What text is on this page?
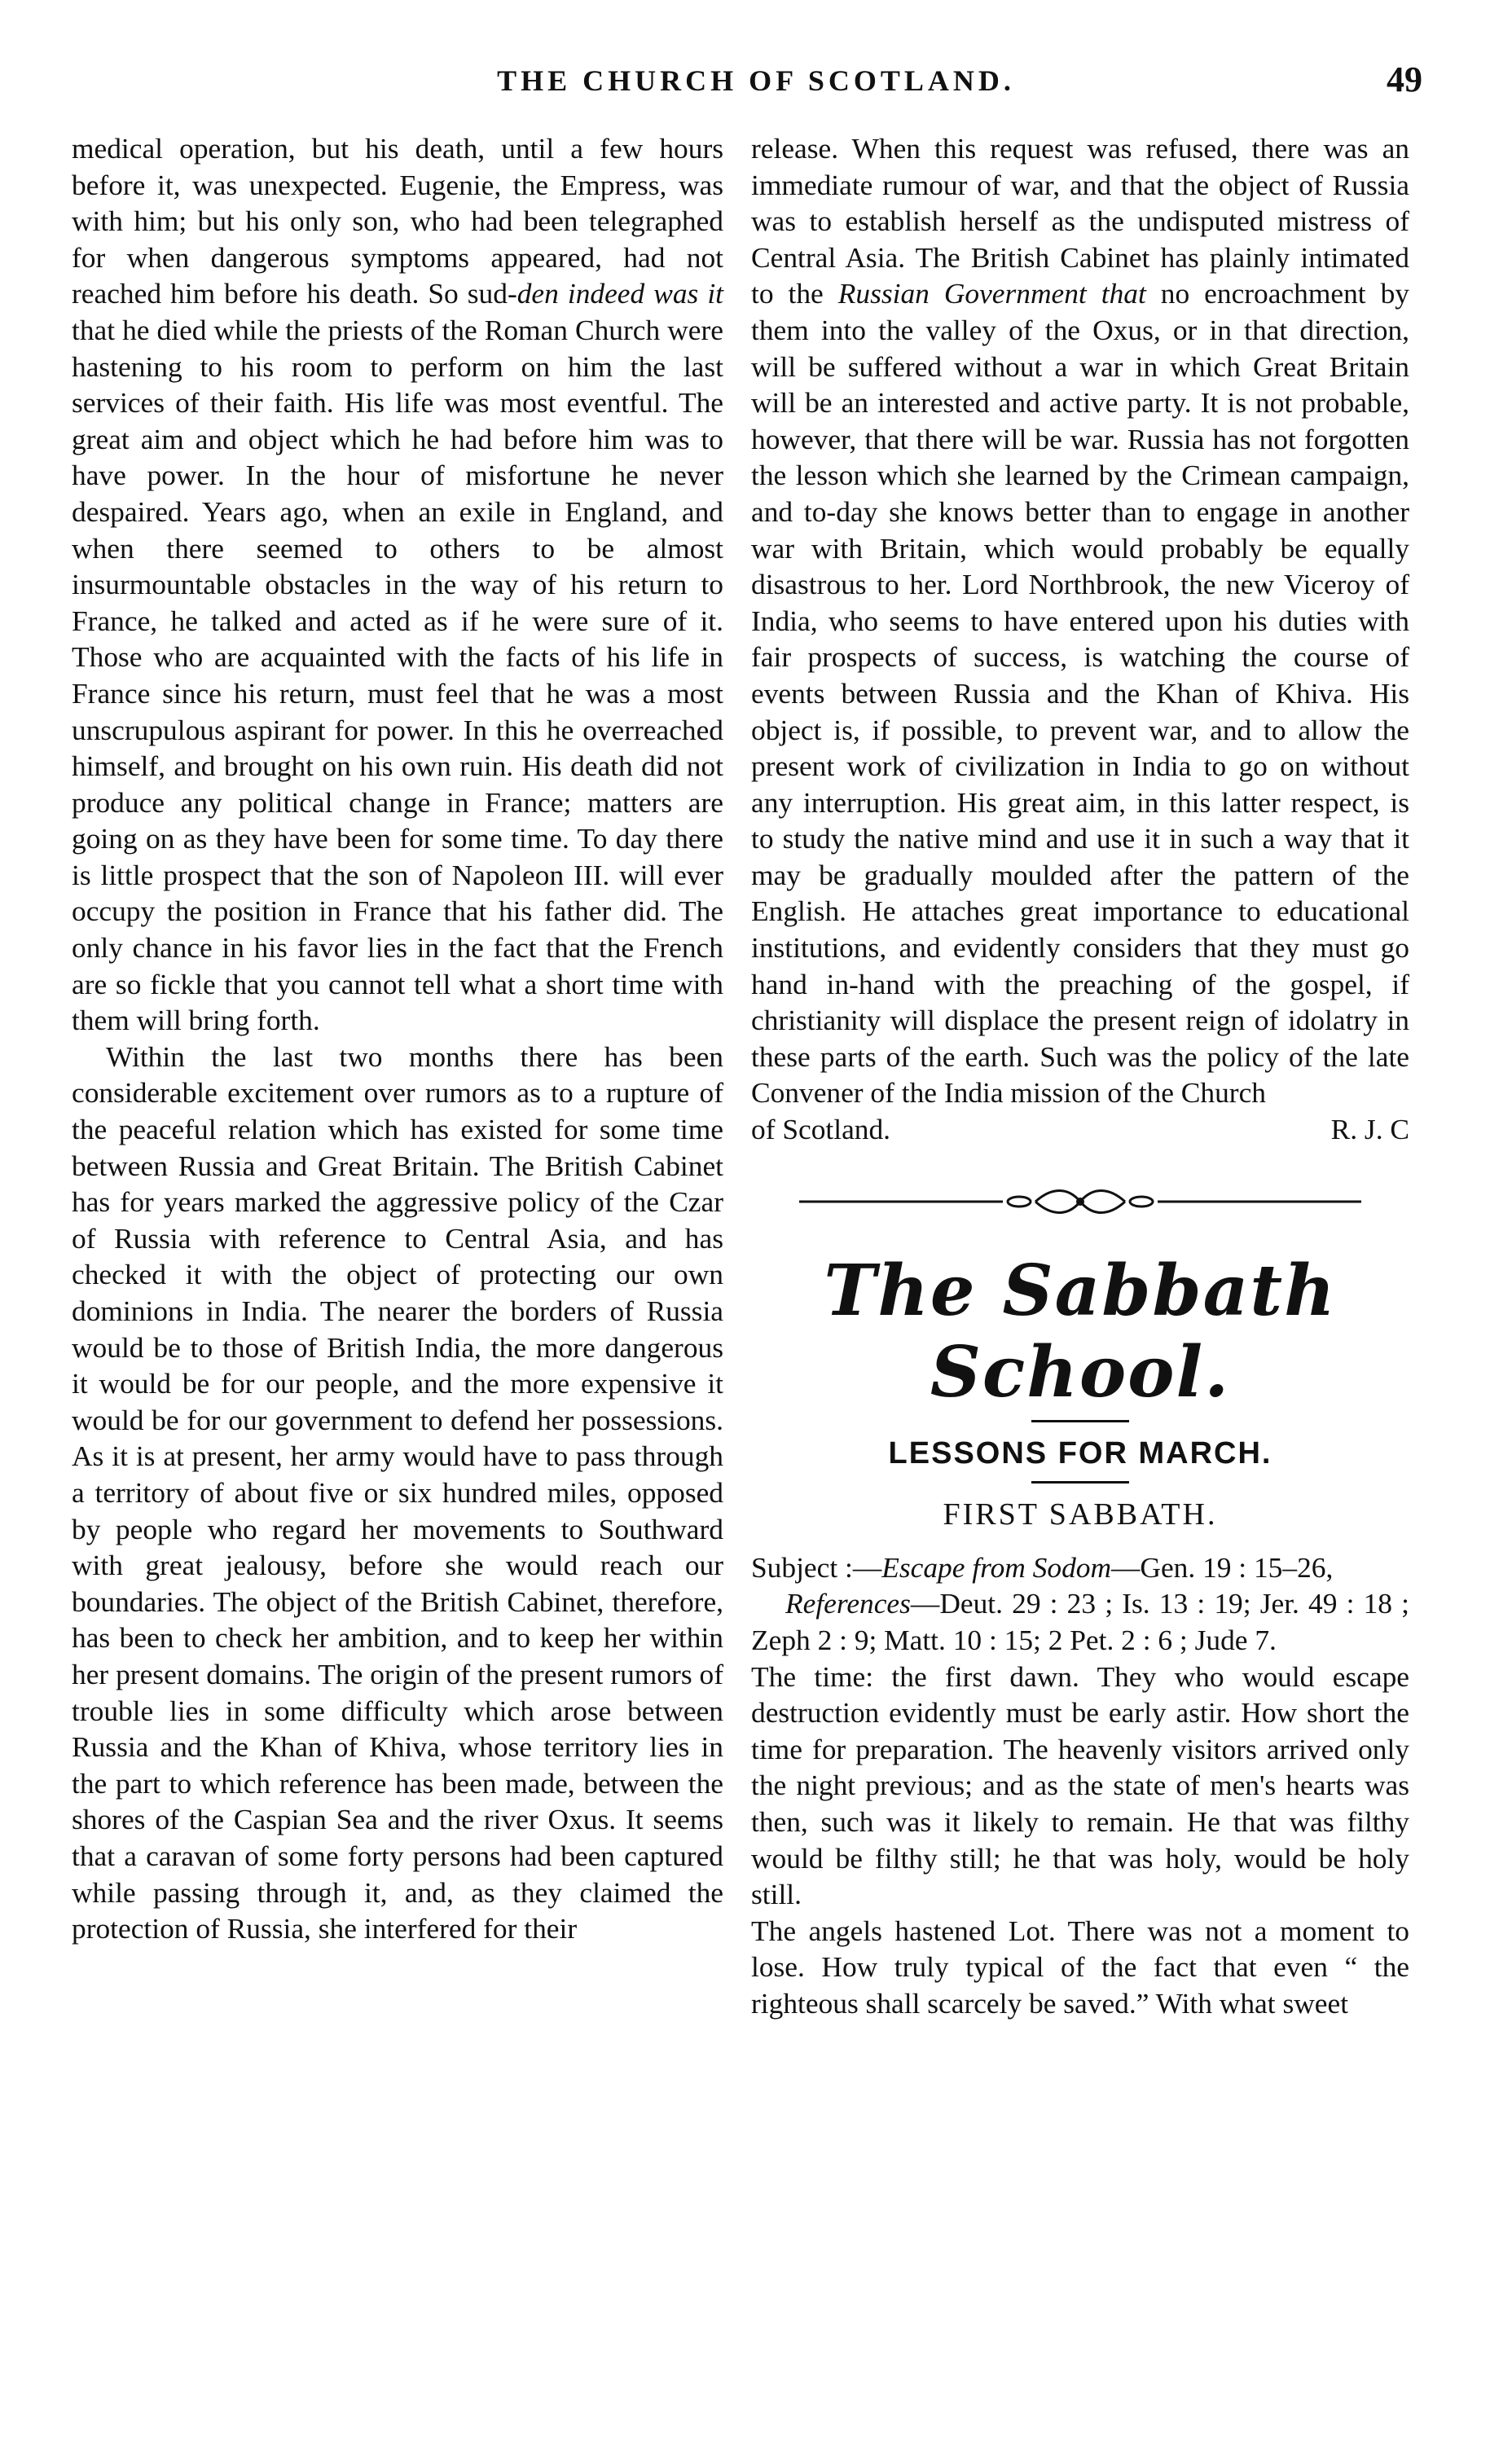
THE CHURCH OF SCOTLAND.	49

medical operation, but his death, until a few hours before it, was unexpected. Eugenie, the Empress, was with him; but his only son, who had been telegraphed for when dangerous symptoms appeared, had not reached him before his death. So sud-den indeed was it that he died while the priests of the Roman Church were hastening to his room to perform on him the last services of their faith. His life was most eventful. The great aim and object which he had before him was to have power. In the hour of misfortune he never despaired. Years ago, when an exile in England, and when there seemed to others to be almost insurmountable obstacles in the way of his return to France, he talked and acted as if he were sure of it. Those who are acquainted with the facts of his life in France since his return, must feel that he was a most unscrupulous aspirant for power. In this he overreached himself, and brought on his own ruin. His death did not produce any political change in France; matters are going on as they have been for some time. To day there is little prospect that the son of Napoleon III. will ever occupy the position in France that his father did. The only chance in his favor lies in the fact that the French are so fickle that you cannot tell what a short time with them will bring forth.

Within the last two months there has been considerable excitement over rumors as to a rupture of the peaceful relation which has existed for some time between Russia and Great Britain. The British Cabinet has for years marked the aggressive policy of the Czar of Russia with reference to Central Asia, and has checked it with the object of protecting our own dominions in India. The nearer the borders of Russia would be to those of British India, the more dangerous it would be for our people, and the more expensive it would be for our government to defend her possessions. As it is at present, her army would have to pass through a territory of about five or six hundred miles, opposed by people who regard her movements to Southward with great jealousy, before she would reach our boundaries. The object of the British Cabinet, therefore, has been to check her ambition, and to keep her within her present domains. The origin of the present rumors of trouble lies in some difficulty which arose between Russia and the Khan of Khiva, whose territory lies in the part to which reference has been made, between the shores of the Caspian Sea and the river Oxus. It seems that a caravan of some forty persons had been captured while passing through it, and, as they claimed the protection of Russia, she interfered for their

release. When this request was refused, there was an immediate rumour of war, and that the object of Russia was to establish herself as the undisputed mistress of Central Asia. The British Cabinet has plainly intimated to the Russian Government that no encroachment by them into the valley of the Oxus, or in that direction, will be suffered without a war in which Great Britain will be an interested and active party. It is not probable, however, that there will be war. Russia has not forgotten the lesson which she learned by the Crimean campaign, and to-day she knows better than to engage in another war with Britain, which would probably be equally disastrous to her. Lord Northbrook, the new Viceroy of India, who seems to have entered upon his duties with fair prospects of success, is watching the course of events between Russia and the Khan of Khiva. His object is, if possible, to prevent war, and to allow the present work of civilization in India to go on without any interruption. His great aim, in this latter respect, is to study the native mind and use it in such a way that it may be gradually moulded after the pattern of the English. He attaches great importance to educational institutions, and evidently considers that they must go hand in-hand with the preaching of the gospel, if christianity will displace the present reign of idolatry in these parts of the earth. Such was the policy of the late Convener of the India mission of the Church

of Scotland.	R. J. C
The Sabbath School.
LESSONS FOR MARCH.
FIRST SABBATH.

Subject :—Escape from Sodom—Gen. 19 : 15–26,

References—Deut. 29 : 23 ; Is. 13 : 19; Jer. 49 : 18 ; Zeph 2 : 9; Matt. 10 : 15; 2 Pet. 2 : 6 ; Jude 7.

The time: the first dawn. They who would escape destruction evidently must be early astir. How short the time for preparation. The heavenly visitors arrived only the night previous; and as the state of men's hearts was then, such was it likely to remain. He that was filthy would be filthy still; he that was holy, would be holy still.

The angels hastened Lot. There was not a moment to lose. How truly typical of the fact that even “ the righteous shall scarcely be saved.” With what sweet
